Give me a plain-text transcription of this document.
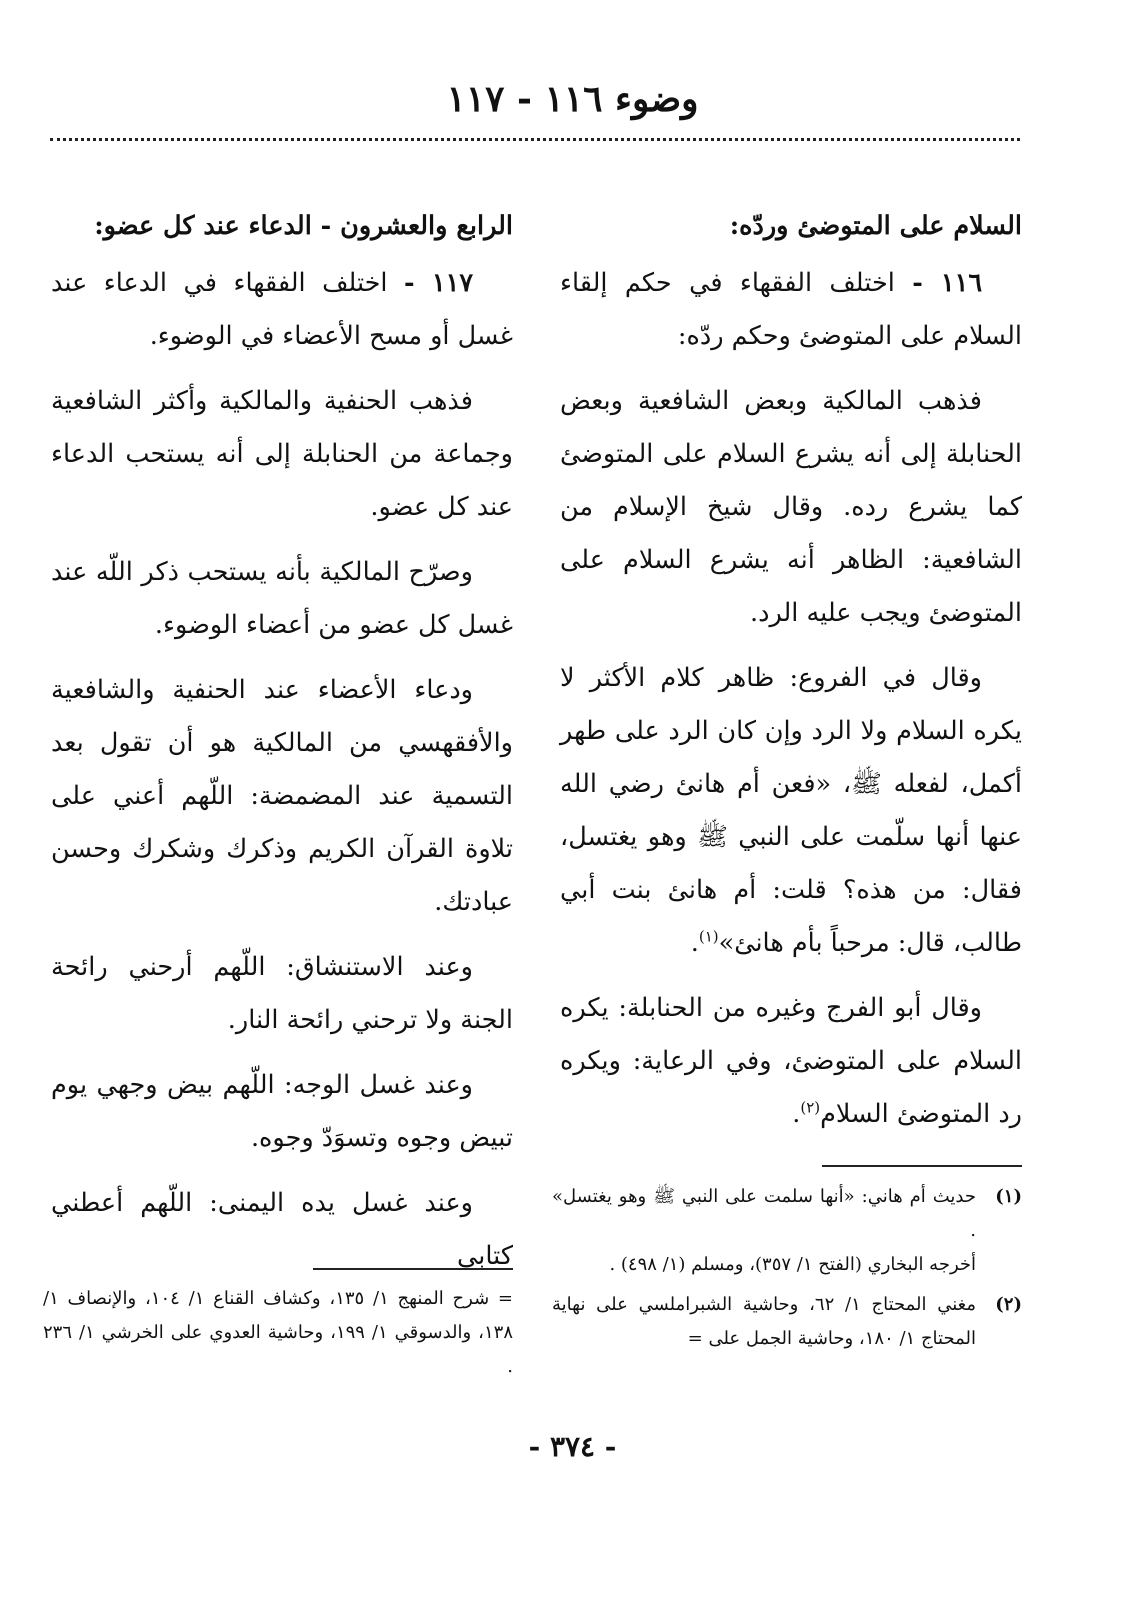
وضوء ١١٦ - ١١٧

السلام على المتوضئ وردّه:

١١٦ - اختلف الفقهاء في حكم إلقاء السلام على المتوضئ وحكم ردّه:

فذهب المالكية وبعض الشافعية وبعض الحنابلة إلى أنه يشرع السلام على المتوضئ كما يشرع رده. وقال شيخ الإسلام من الشافعية: الظاهر أنه يشرع السلام على المتوضئ ويجب عليه الرد.

وقال في الفروع: ظاهر كلام الأكثر لا يكره السلام ولا الرد وإن كان الرد على طهر أكمل، لفعله ﷺ، «فعن أم هانئ رضي الله عنها أنها سلّمت على النبي ﷺ وهو يغتسل، فقال: من هذه؟ قلت: أم هانئ بنت أبي طالب، قال: مرحباً بأم هانئ»$^{(١)}$.

وقال أبو الفرج وغيره من الحنابلة: يكره السلام على المتوضئ، وفي الرعاية: ويكره رد المتوضئ السلام$^{(٢)}$.

الرابع والعشرون - الدعاء عند كل عضو:

١١٧ - اختلف الفقهاء في الدعاء عند غسل أو مسح الأعضاء في الوضوء.

فذهب الحنفية والمالكية وأكثر الشافعية وجماعة من الحنابلة إلى أنه يستحب الدعاء عند كل عضو.

وصرّح المالكية بأنه يستحب ذكر اللّه عند غسل كل عضو من أعضاء الوضوء.

ودعاء الأعضاء عند الحنفية والشافعية والأفقهسي من المالكية هو أن تقول بعد التسمية عند المضمضة: اللّهم أعني على تلاوة القرآن الكريم وذكرك وشكرك وحسن عبادتك.

وعند الاستنشاق: اللّهم أرحني رائحة الجنة ولا ترحني رائحة النار.

وعند غسل الوجه: اللّهم بيض وجهي يوم تبيض وجوه وتسوَدّ وجوه.

وعند غسل يده اليمنى: اللّهم أعطني كتابي

(١)
حديث أم هاني: «أنها سلمت على النبي ﷺ وهو يغتسل» .
أخرجه البخاري (الفتح ١/ ٣٥٧)، ومسلم (١/ ٤٩٨) .
(٢)
مغني المحتاج ١/ ٦٢، وحاشية الشبراملسي على نهاية المحتاج ١/ ١٨٠، وحاشية الجمل على =
= شرح المنهج ١/ ١٣٥، وكشاف القناع ١/ ١٠٤، والإنصاف ١/ ١٣٨، والدسوقي ١/ ١٩٩، وحاشية العدوي على الخرشي ١/ ٢٣٦ .
- ٣٧٤ -
